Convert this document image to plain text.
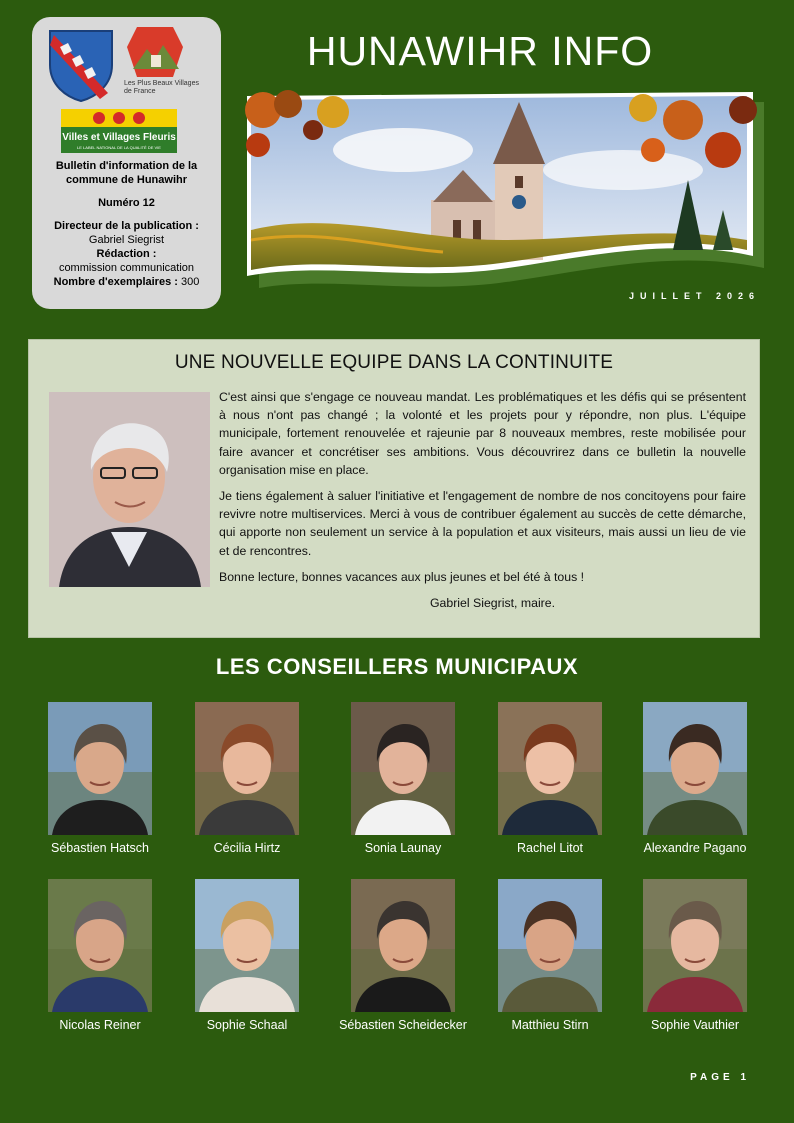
Les Plus Beaux Villages de France
Villes et Villages Fleuris
LE LABEL NATIONAL DE LA QUALITÉ DE VIE

Bulletin d'information de la commune de Hunawihr

Numéro 12

Directeur de la publication :

Gabriel Siegrist

Rédaction :

commission communication

Nombre d'exemplaires : 300

HUNAWIHR INFO
JUILLET 2026
UNE NOUVELLE EQUIPE DANS LA CONTINUITE

C'est ainsi que s'engage ce nouveau mandat. Les problématiques et les défis qui se présentent à nous n'ont pas changé ; la volonté et les projets pour y répondre, non plus. L'équipe municipale, fortement renouvelée et rajeunie par 8 nouveaux membres, reste mobilisée pour faire avancer et concrétiser ses ambitions. Vous découvrirez dans ce bulletin la nouvelle organisation mise en place.

Je tiens également à saluer l'initiative et l'engagement de nombre de nos concitoyens pour faire revivre notre multiservices. Merci à vous de contribuer également au succès de cette démarche, qui apporte non seulement un service à la population et aux visiteurs, mais aussi un lieu de vie et de rencontres.

Bonne lecture, bonnes vacances aux plus jeunes et bel été à tous !

Gabriel Siegrist, maire.

LES CONSEILLERS MUNICIPAUX
Sébastien Hatsch	Cécilia Hirtz	Sonia Launay	Rachel Litot	Alexandre Pagano
Nicolas Reiner	Sophie Schaal	Sébastien Scheidecker	Matthieu Stirn	Sophie Vauthier
PAGE 1
